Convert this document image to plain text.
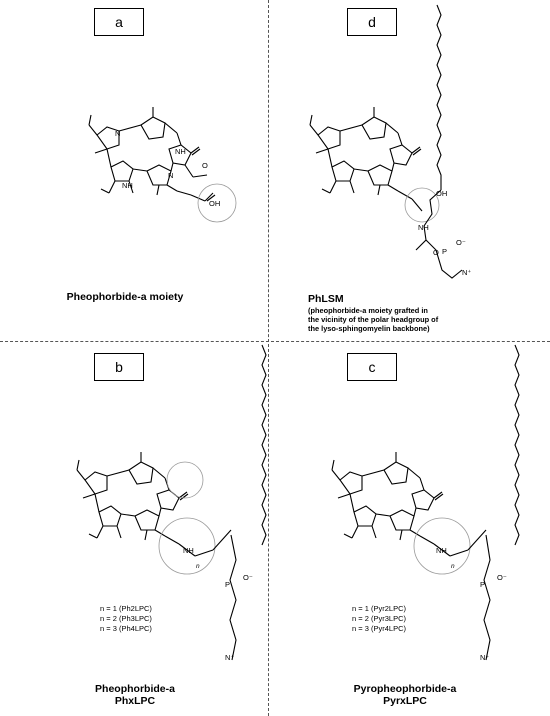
a	d
b	c
NH
N
N
NH
OH
O
OH
NH
O P
O⁻
N⁺
NH
P
O⁻
N⁺
n
NH
P
O⁻
N⁺
n
Pheophorbide-a moiety	PhLSM
(pheophorbide-a moiety grafted in
the vicinity of the polar headgroup of
the lyso-sphingomyelin backbone)
n = 1 (Ph2LPC)
n = 2 (Ph3LPC)
n = 3 (Ph4LPC)
Pheophorbide-a
PhxLPC
n = 1 (Pyr2LPC)
n = 2 (Pyr3LPC)
n = 3 (Pyr4LPC)
Pyropheophorbide-a
PyrxLPC
